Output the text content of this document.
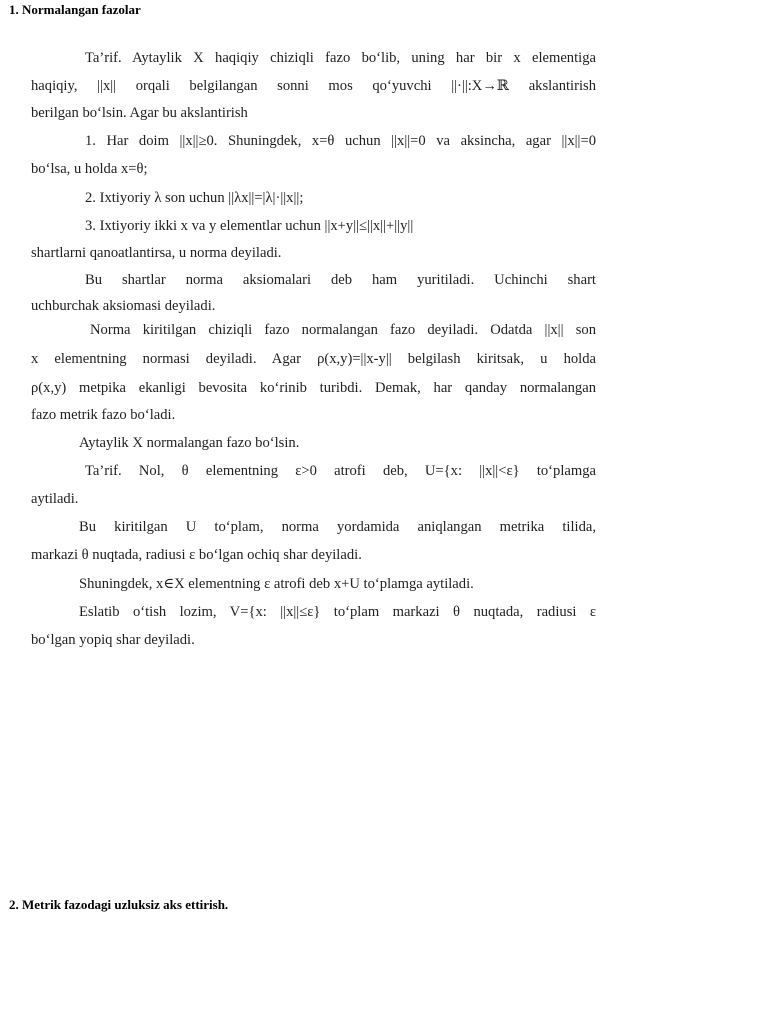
1. Normalangan fazolar
Ta’rif. Aytaylik X haqiqiy chiziqli fazo bo‘lib, uning har bir x elementiga
haqiqiy, ||x|| orqali belgilangan sonni mos qo‘yuvchi ||·||:X→ℝ akslantirish
berilgan bo‘lsin. Agar bu akslantirish
1. Har doim ||x||≥0. Shuningdek, x=θ uchun ||x||=0 va aksincha, agar ||x||=0
bo‘lsa, u holda x=θ;
2. Ixtiyoriy λ son uchun ||λx||=|λ|·||x||;
3. Ixtiyoriy ikki x va y elementlar uchun ||x+y||≤||x||+||y||
shartlarni qanoatlantirsa, u norma deyiladi.
Bu shartlar norma aksiomalari deb ham yuritiladi. Uchinchi shart
uchburchak aksiomasi deyiladi.
Norma kiritilgan chiziqli fazo normalangan fazo deyiladi. Odatda ||x|| son
x elementning normasi deyiladi. Agar ρ(x,y)=||x-y|| belgilash kiritsak, u holda
ρ(x,y) metpika ekanligi bevosita ko‘rinib turibdi. Demak, har qanday normalangan
fazo metrik fazo bo‘ladi.
Aytaylik X normalangan fazo bo‘lsin.
Ta’rif. Nol, θ elementning ε>0 atrofi deb, U={x: ||x||<ε} to‘plamga
aytiladi.
Bu kiritilgan U to‘plam, norma yordamida aniqlangan metrika tilida,
markazi θ nuqtada, radiusi ε bo‘lgan ochiq shar deyiladi.
Shuningdek, x∈X elementning ε atrofi deb x+U to‘plamga aytiladi.
Eslatib o‘tish lozim, V={x: ||x||≤ε} to‘plam markazi θ nuqtada, radiusi ε
bo‘lgan yopiq shar deyiladi.
2. Metrik fazodagi uzluksiz aks ettirish.
